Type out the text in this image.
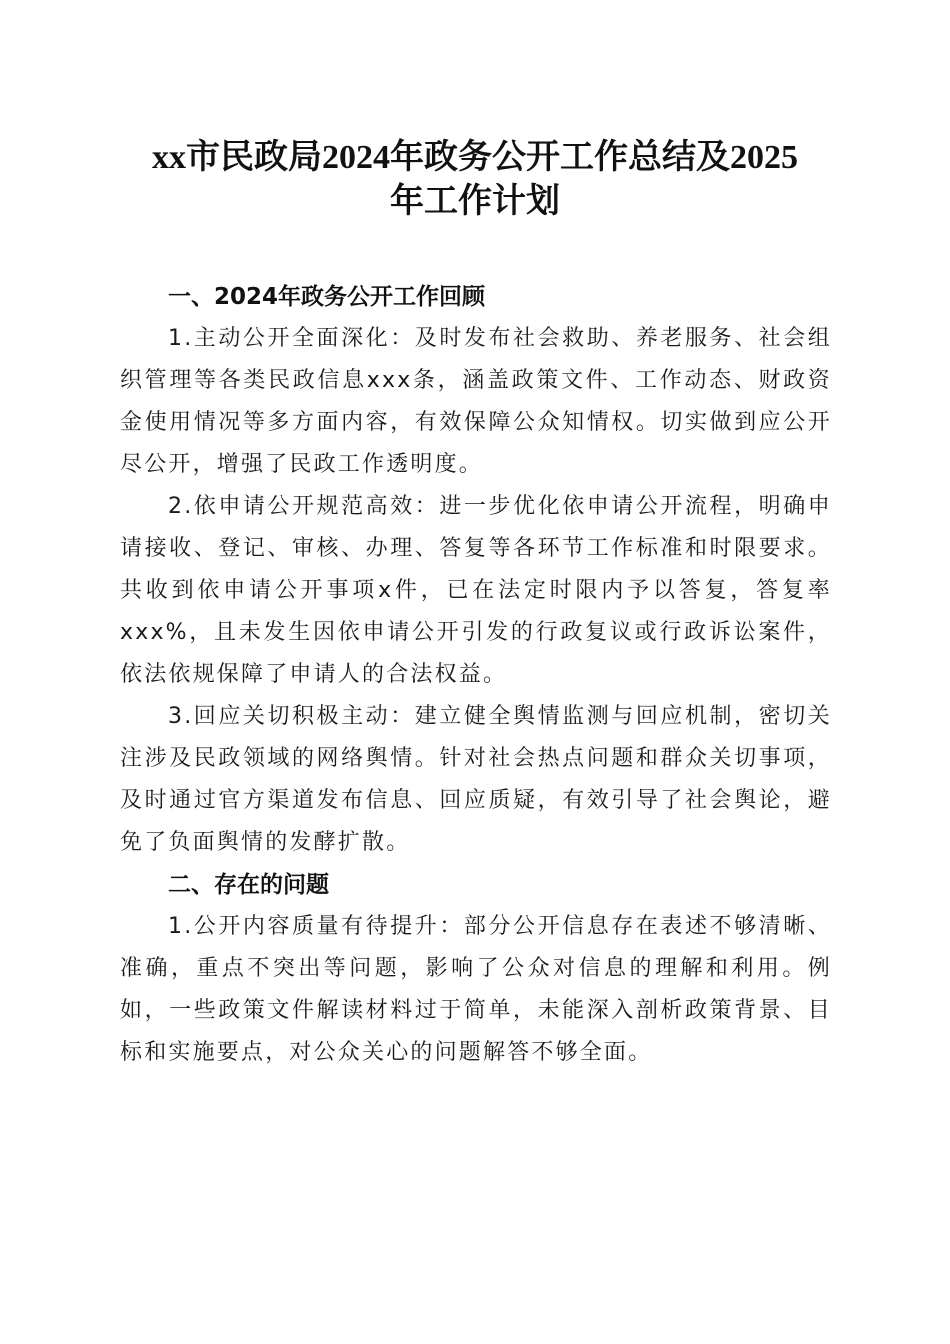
xx市民政局2024年政务公开工作总结及2025
年工作计划
一、2024年政务公开工作回顾

1.主动公开全面深化：及时发布社会救助、养老服务、社会组织管理等各类民政信息xxx条，涵盖政策文件、工作动态、财政资金使用情况等多方面内容，有效保障公众知情权。切实做到应公开尽公开，增强了民政工作透明度。

2.依申请公开规范高效：进一步优化依申请公开流程，明确申请接收、登记、审核、办理、答复等各环节工作标准和时限要求。共收到依申请公开事项x件，已在法定时限内予以答复，答复率xxx%，且未发生因依申请公开引发的行政复议或行政诉讼案件，依法依规保障了申请人的合法权益。

3.回应关切积极主动：建立健全舆情监测与回应机制，密切关注涉及民政领域的网络舆情。针对社会热点问题和群众关切事项，及时通过官方渠道发布信息、回应质疑，有效引导了社会舆论，避免了负面舆情的发酵扩散。

二、存在的问题

1.公开内容质量有待提升：部分公开信息存在表述不够清晰、准确，重点不突出等问题，影响了公众对信息的理解和利用。例如，一些政策文件解读材料过于简单，未能深入剖析政策背景、目标和实施要点，对公众关心的问题解答不够全面。
